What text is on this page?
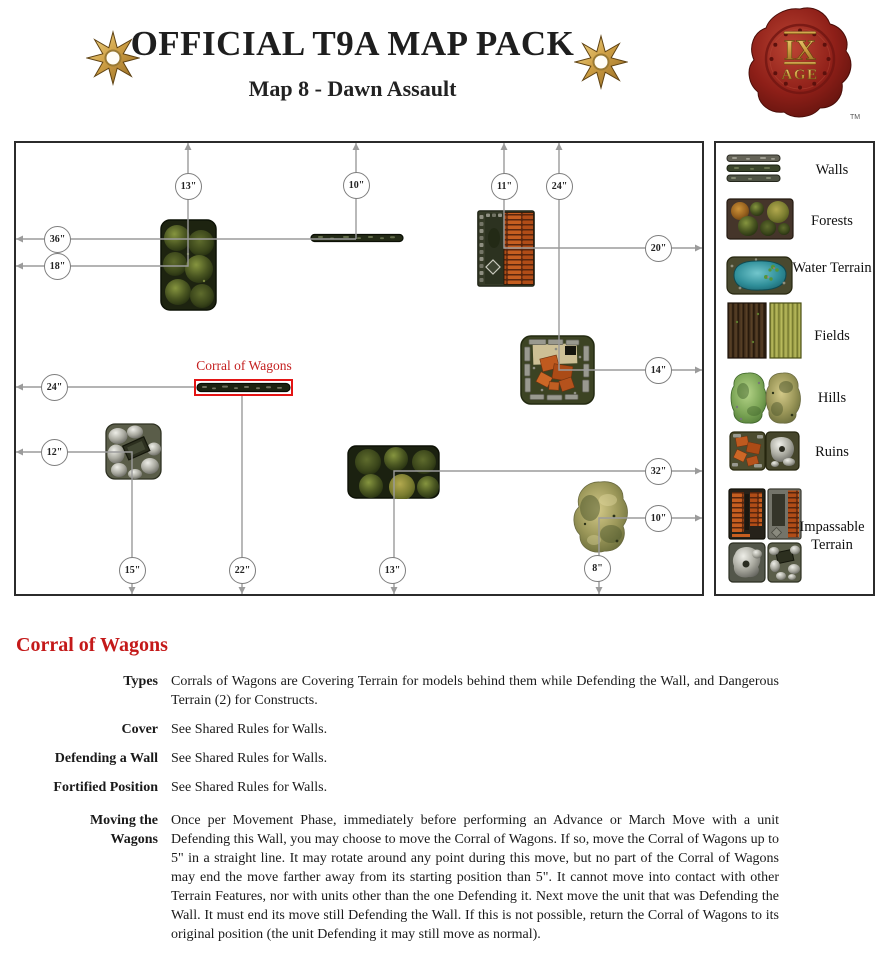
OFFICIAL T9A MAP PACK
Map 8 - Dawn Assault
IX
AGE
TM
Corral of Wagons
13"	10"	11"	24"
36"
18"
20"
24"
14"
12"
32"
10"
15"	22"	13"	8"
Walls
Forests
Water Terrain
Fields
Hills
Ruins
Impassable Terrain
Corral of Wagons
Types Corrals of Wagons are Covering Terrain for models behind them while Defending the Wall, and Dangerous Terrain (2) for Constructs.
Cover See Shared Rules for Walls.
Defending a Wall See Shared Rules for Walls.
Fortified Position See Shared Rules for Walls.
Moving the Wagons
Once per Movement Phase, immediately before performing an Advance or March Move with a unit Defending this Wall, you may choose to move the Corral of Wagons. If so, move the Corral of Wagons up to 5" in a straight line. It may rotate around any point during this move, but no part of the Corral of Wagons may end the move farther away from its starting position than 5". It cannot move into contact with other Terrain Features, nor with units other than the one Defending it. Next move the unit that was Defending the Wall. It must end its move still Defending the Wall. If this is not possible, return the Corral of Wagons to its original position (the unit Defending it may still move as normal).
